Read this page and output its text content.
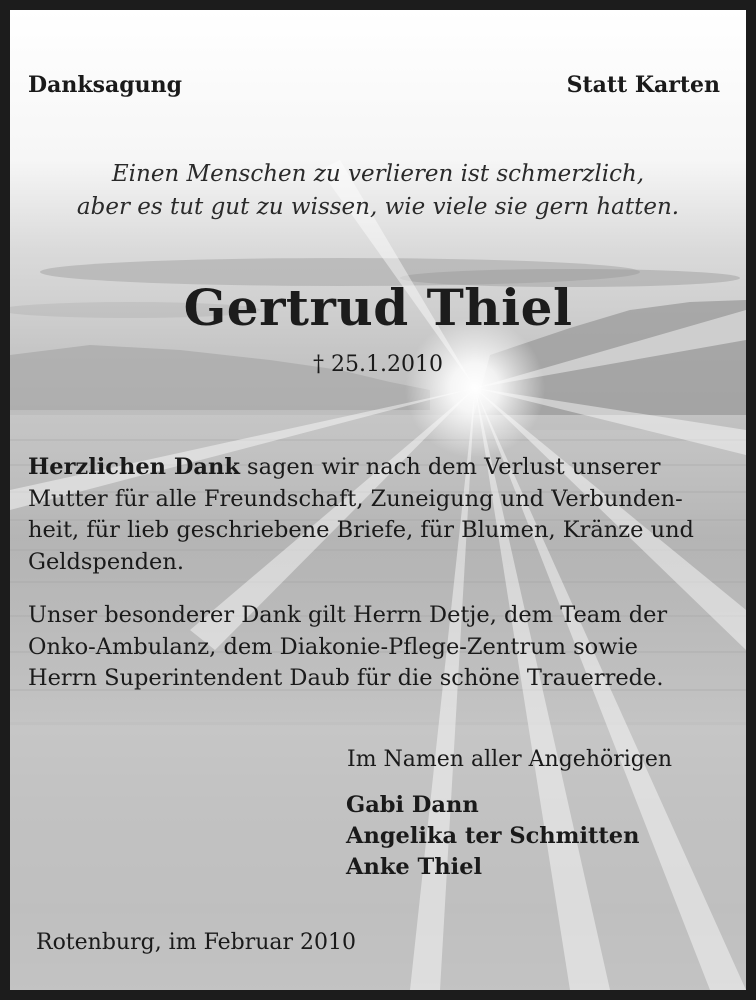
Danksagung	Statt Karten
Einen Menschen zu verlieren ist schmerzlich,
aber es tut gut zu wissen, wie viele sie gern hatten.
Gertrud Thiel
† 25.1.2010
Herzlichen Dank sagen wir nach dem Verlust unserer
Mutter für alle Freundschaft, Zuneigung und Verbunden-
heit, für lieb geschriebene Briefe, für Blumen, Kränze und
Geldspenden.
Unser besonderer Dank gilt Herrn Detje, dem Team der
Onko-Ambulanz, dem Diakonie-Pflege-Zentrum sowie
Herrn Superintendent Daub für die schöne Trauerrede.
Im Namen aller Angehörigen
Gabi Dann
Angelika ter Schmitten
Anke Thiel
Rotenburg, im Februar 2010
